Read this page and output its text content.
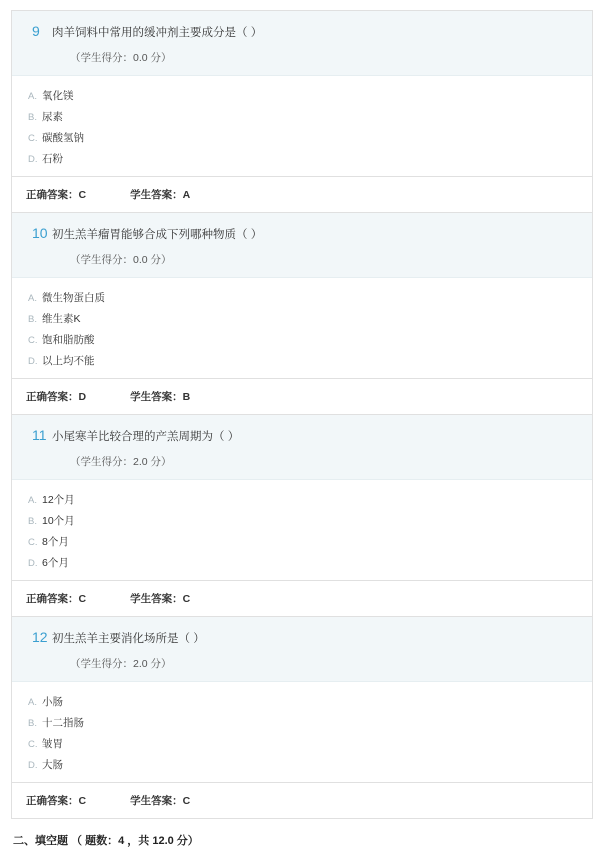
9	肉羊饲料中常用的缓冲剂主要成分是（ ）
（学生得分：0.0 分）
A. 氧化镁
B. 尿素
C. 碳酸氢钠
D. 石粉
正确答案：C	学生答案：A
10 初生羔羊瘤胃能够合成下列哪种物质（ ）
（学生得分：0.0 分）
A. 微生物蛋白质
B. 维生素K
C. 饱和脂肪酸
D. 以上均不能
正确答案：D	学生答案：B
11 小尾寒羊比较合理的产羔周期为（ ）
（学生得分：2.0 分）
A. 12个月
B. 10个月
C. 8个月
D. 6个月
正确答案：C	学生答案：C
12 初生羔羊主要消化场所是（ ）
（学生得分：2.0 分）
A. 小肠
B. 十二指肠
C. 皱胃
D. 大肠
正确答案：C	学生答案：C
二、填空题 （ 题数：4 ，共 12.0 分）
